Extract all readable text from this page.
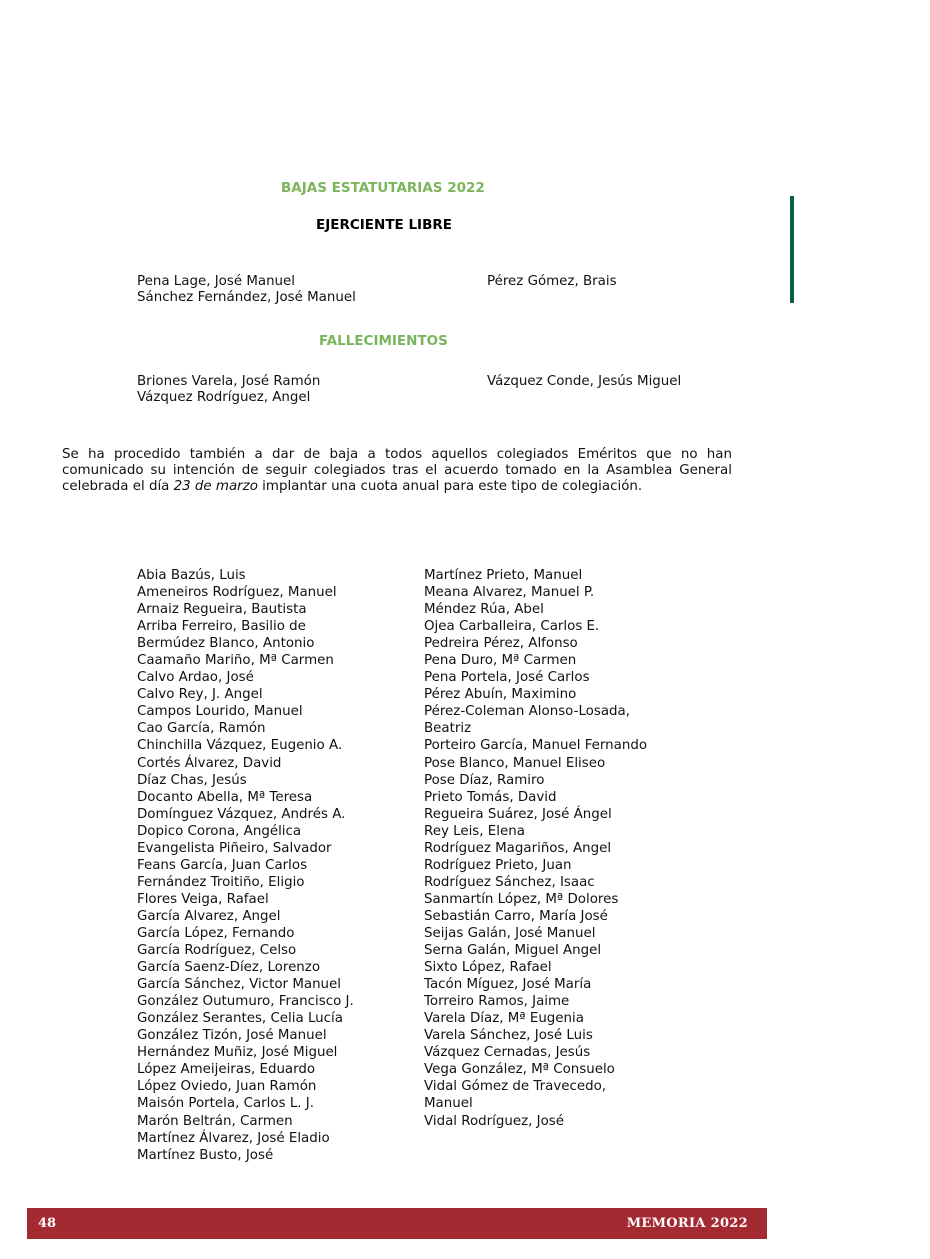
BAJAS ESTATUTARIAS 2022
EJERCIENTE LIBRE
Pena Lage, José Manuel
Sánchez Fernández, José Manuel
Pérez Gómez, Brais
FALLECIMIENTOS
Briones Varela, José Ramón
Vázquez Rodríguez, Angel
Vázquez Conde, Jesús Miguel
Se ha procedido también a dar de baja a todos aquellos colegiados Eméritos que no han comunicado su intención de seguir colegiados tras el acuerdo tomado en la Asamblea General celebrada el día 23 de marzo implantar una cuota anual para este tipo de colegiación.
Abia Bazús, Luis
Ameneiros Rodríguez, Manuel
Arnaiz Regueira, Bautista
Arriba Ferreiro, Basilio de
Bermúdez Blanco, Antonio
Caamaño Mariño, Mª Carmen
Calvo Ardao, José
Calvo Rey, J. Angel
Campos Lourido, Manuel
Cao García, Ramón
Chinchilla Vázquez, Eugenio A.
Cortés Álvarez, David
Díaz Chas, Jesús
Docanto Abella, Mª Teresa
Domínguez Vázquez, Andrés A.
Dopico Corona, Angélica
Evangelista Piñeiro, Salvador
Feans García, Juan Carlos
Fernández Troitiño, Eligio
Flores Veiga, Rafael
García Alvarez, Angel
García López, Fernando
García Rodríguez, Celso
García Saenz-Díez, Lorenzo
García Sánchez, Victor Manuel
González Outumuro, Francisco J.
González Serantes, Celia Lucía
González Tizón, José Manuel
Hernández Muñiz, José Miguel
López Ameijeiras, Eduardo
López Oviedo, Juan Ramón
Maisón Portela, Carlos L. J.
Marón Beltrán, Carmen
Martínez Álvarez, José Eladio
Martínez Busto, José
Martínez Prieto, Manuel
Meana Alvarez, Manuel P.
Méndez Rúa, Abel
Ojea Carballeira, Carlos E.
Pedreira Pérez, Alfonso
Pena Duro, Mª Carmen
Pena Portela, José Carlos
Pérez Abuín, Maximino
Pérez-Coleman Alonso-Losada,
Beatriz
Porteiro García, Manuel Fernando
Pose Blanco, Manuel Eliseo
Pose Díaz, Ramiro
Prieto Tomás, David
Regueira Suárez, José Ángel
Rey Leis, Elena
Rodríguez Magariños, Angel
Rodríguez Prieto, Juan
Rodríguez Sánchez, Isaac
Sanmartín López, Mª Dolores
Sebastián Carro, María José
Seijas Galán, José Manuel
Serna Galán, Miguel Angel
Sixto López, Rafael
Tacón Míguez, José María
Torreiro Ramos, Jaime
Varela Díaz, Mª Eugenia
Varela Sánchez, José Luis
Vázquez Cernadas, Jesús
Vega González, Mª Consuelo
Vidal Gómez de Travecedo,
Manuel
Vidal Rodríguez, José
48	MEMORIA 2022
